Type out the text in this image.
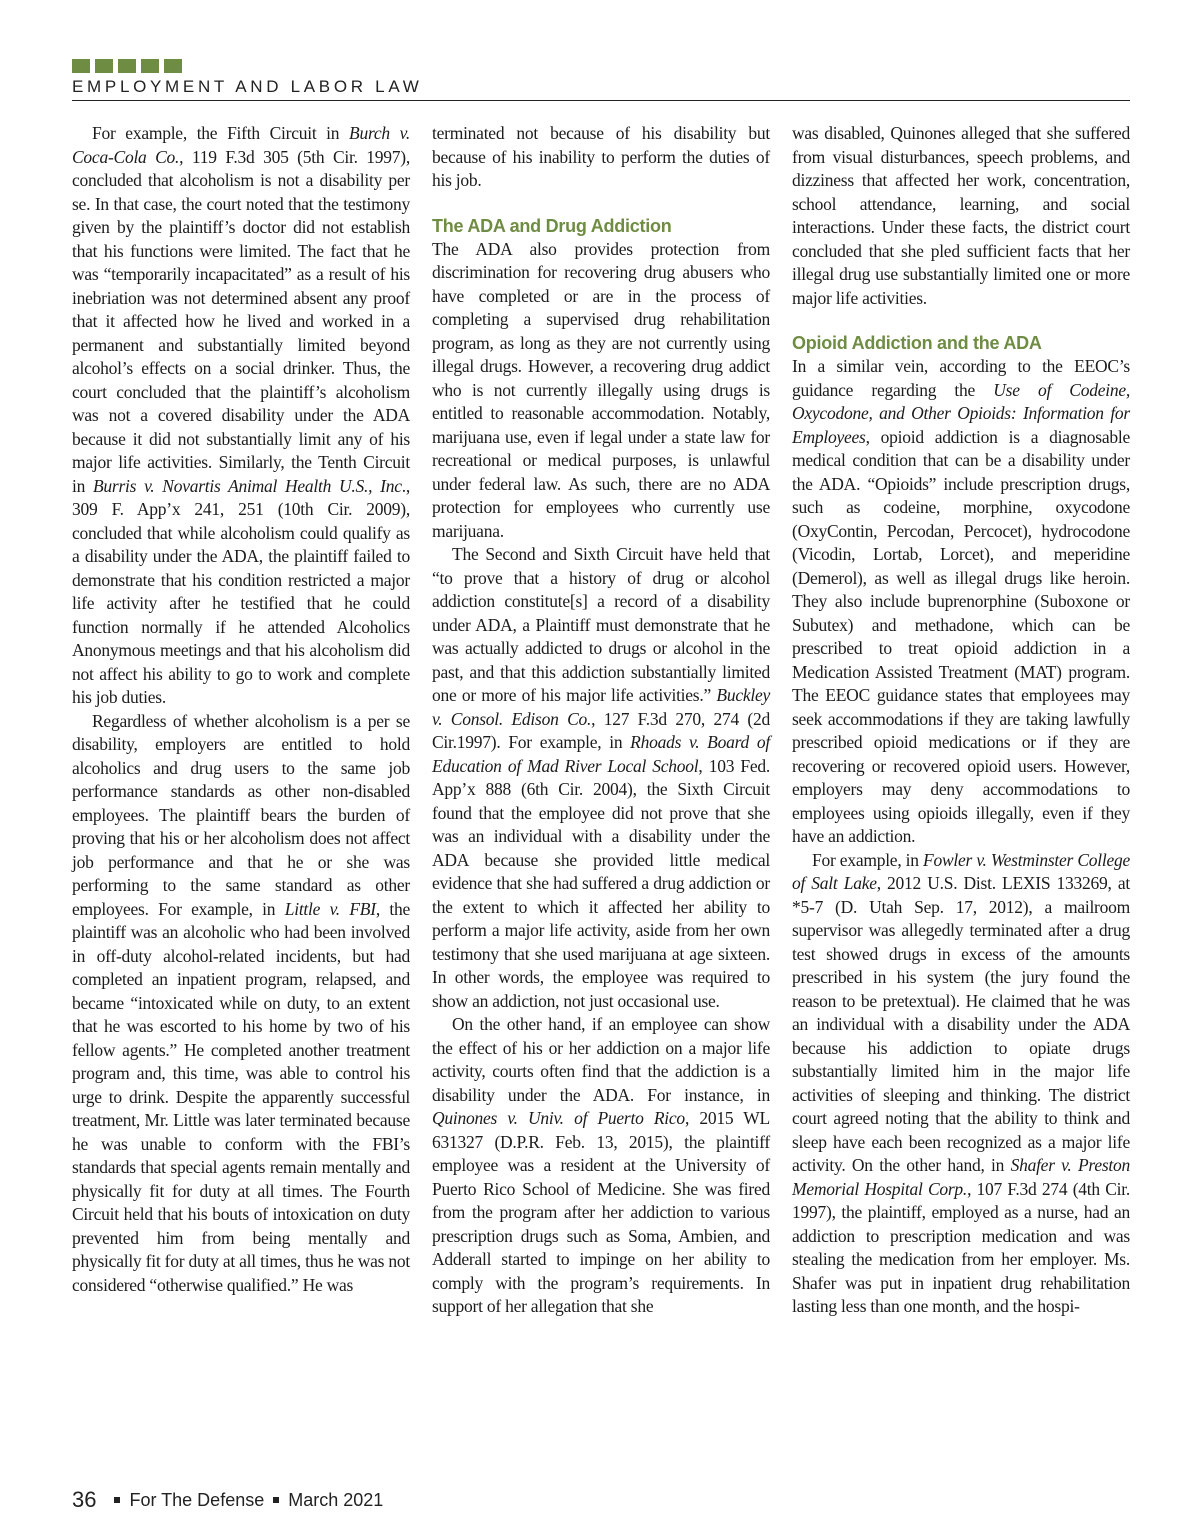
EMPLOYMENT AND LABOR LAW

For example, the Fifth Circuit in Burch v. Coca-Cola Co., 119 F.3d 305 (5th Cir. 1997), concluded that alcoholism is not a disability per se. In that case, the court noted that the testimony given by the plaintiff’s doctor did not establish that his functions were limited. The fact that he was “temporarily incapacitated” as a result of his inebriation was not determined absent any proof that it affected how he lived and worked in a permanent and substantially limited beyond alcohol’s effects on a social drinker. Thus, the court concluded that the plaintiff’s alcoholism was not a covered disability under the ADA because it did not substantially limit any of his major life activities. Similarly, the Tenth Circuit in Burris v. Novartis Animal Health U.S., Inc., 309 F. App’x 241, 251 (10th Cir. 2009), concluded that while alcoholism could qualify as a disability under the ADA, the plaintiff failed to demonstrate that his condition restricted a major life activity after he testified that he could function normally if he attended Alcoholics Anonymous meetings and that his alcoholism did not affect his ability to go to work and complete his job duties.

Regardless of whether alcoholism is a per se disability, employers are entitled to hold alcoholics and drug users to the same job performance standards as other non-disabled employees. The plaintiff bears the burden of proving that his or her alcoholism does not affect job performance and that he or she was performing to the same standard as other employees. For example, in Little v. FBI, the plaintiff was an alcoholic who had been involved in off-duty alcohol-related incidents, but had completed an inpatient program, relapsed, and became “intoxicated while on duty, to an extent that he was escorted to his home by two of his fellow agents.” He completed another treatment program and, this time, was able to control his urge to drink. Despite the apparently successful treatment, Mr. Little was later terminated because he was unable to conform with the FBI’s standards that special agents remain mentally and physically fit for duty at all times. The Fourth Circuit held that his bouts of intoxication on duty prevented him from being mentally and physically fit for duty at all times, thus he was not considered “otherwise qualified.” He was

terminated not because of his disability but because of his inability to perform the duties of his job.

The ADA and Drug Addiction

The ADA also provides protection from discrimination for recovering drug abusers who have completed or are in the process of completing a supervised drug rehabilitation program, as long as they are not currently using illegal drugs. However, a recovering drug addict who is not currently illegally using drugs is entitled to reasonable accommodation. Notably, marijuana use, even if legal under a state law for recreational or medical purposes, is unlawful under federal law. As such, there are no ADA protection for employees who currently use marijuana.

The Second and Sixth Circuit have held that “to prove that a history of drug or alcohol addiction constitute[s] a record of a disability under ADA, a Plaintiff must demonstrate that he was actually addicted to drugs or alcohol in the past, and that this addiction substantially limited one or more of his major life activities.” Buckley v. Consol. Edison Co., 127 F.3d 270, 274 (2d Cir.1997). For example, in Rhoads v. Board of Education of Mad River Local School, 103 Fed. App’x 888 (6th Cir. 2004), the Sixth Circuit found that the employee did not prove that she was an individual with a disability under the ADA because she provided little medical evidence that she had suffered a drug addiction or the extent to which it affected her ability to perform a major life activity, aside from her own testimony that she used marijuana at age sixteen. In other words, the employee was required to show an addiction, not just occasional use.

On the other hand, if an employee can show the effect of his or her addiction on a major life activity, courts often find that the addiction is a disability under the ADA. For instance, in Quinones v. Univ. of Puerto Rico, 2015 WL 631327 (D.P.R. Feb. 13, 2015), the plaintiff employee was a resident at the University of Puerto Rico School of Medicine. She was fired from the program after her addiction to various prescription drugs such as Soma, Ambien, and Adderall started to impinge on her ability to comply with the program’s requirements. In support of her allegation that she

was disabled, Quinones alleged that she suffered from visual disturbances, speech problems, and dizziness that affected her work, concentration, school attendance, learning, and social interactions. Under these facts, the district court concluded that she pled sufficient facts that her illegal drug use substantially limited one or more major life activities.

Opioid Addiction and the ADA

In a similar vein, according to the EEOC’s guidance regarding the Use of Codeine, Oxycodone, and Other Opioids: Information for Employees, opioid addiction is a diagnosable medical condition that can be a disability under the ADA. “Opioids” include prescription drugs, such as codeine, morphine, oxycodone (OxyContin, Percodan, Percocet), hydrocodone (Vicodin, Lortab, Lorcet), and meperidine (Demerol), as well as illegal drugs like heroin. They also include buprenorphine (Suboxone or Subutex) and methadone, which can be prescribed to treat opioid addiction in a Medication Assisted Treatment (MAT) program. The EEOC guidance states that employees may seek accommodations if they are taking lawfully prescribed opioid medications or if they are recovering or recovered opioid users. However, employers may deny accommodations to employees using opioids illegally, even if they have an addiction.

For example, in Fowler v. Westminster College of Salt Lake, 2012 U.S. Dist. LEXIS 133269, at *5-7 (D. Utah Sep. 17, 2012), a mailroom supervisor was allegedly terminated after a drug test showed drugs in excess of the amounts prescribed in his system (the jury found the reason to be pretextual). He claimed that he was an individual with a disability under the ADA because his addiction to opiate drugs substantially limited him in the major life activities of sleeping and thinking. The district court agreed noting that the ability to think and sleep have each been recognized as a major life activity. On the other hand, in Shafer v. Preston Memorial Hospital Corp., 107 F.3d 274 (4th Cir. 1997), the plaintiff, employed as a nurse, had an addiction to prescription medication and was stealing the medication from her employer. Ms. Shafer was put in inpatient drug rehabilitation lasting less than one month, and the hospi-

36 For The Defense March 2021
